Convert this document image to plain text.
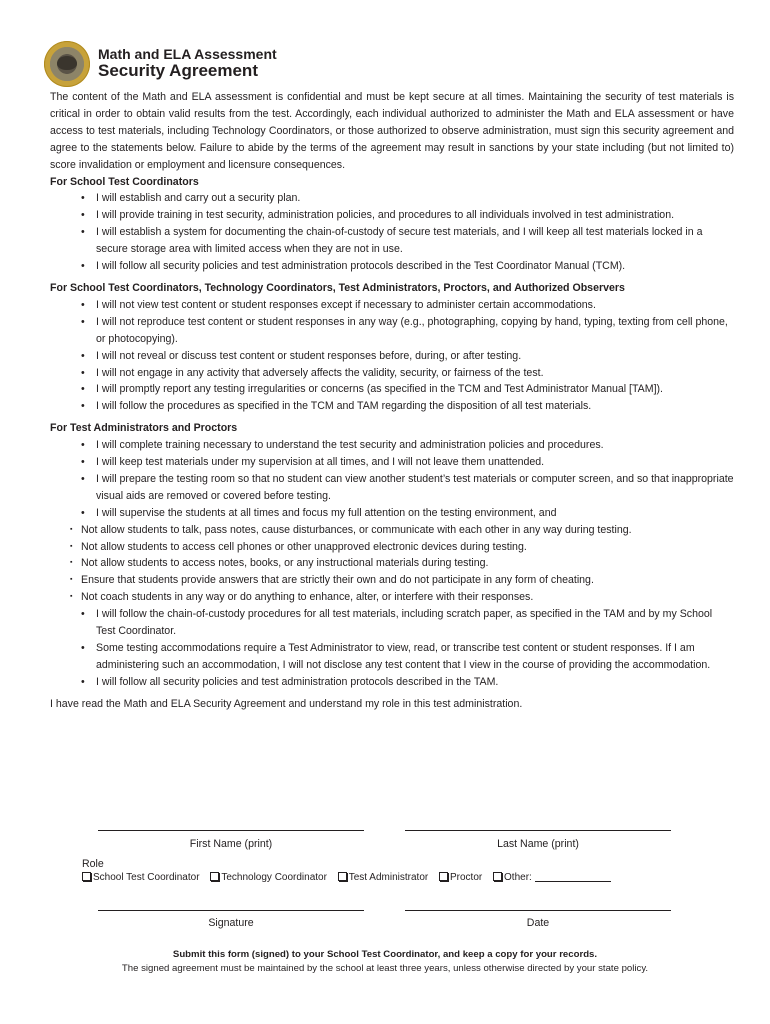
Math and ELA Assessment
Security Agreement

The content of the Math and ELA assessment is confidential and must be kept secure at all times. Maintaining the security of test materials is critical in order to obtain valid results from the test. Accordingly, each individual authorized to administer the Math and ELA assessment or have access to test materials, including Technology Coordinators, or those authorized to observe administration, must sign this security agreement and agree to the statements below. Failure to abide by the terms of the agreement may result in sanctions by your state including (but not limited to) score invalidation or employment and licensure consequences.

For School Test Coordinators

• I will establish and carry out a security plan.
• I will provide training in test security, administration policies, and procedures to all individuals involved in test administration.
• I will establish a system for documenting the chain-of-custody of secure test materials, and I will keep all test materials locked in a secure storage area with limited access when they are not in use.
• I will follow all security policies and test administration protocols described in the Test Coordinator Manual (TCM).

For School Test Coordinators, Technology Coordinators, Test Administrators, Proctors, and Authorized Observers

• I will not view test content or student responses except if necessary to administer certain accommodations.
• I will not reproduce test content or student responses in any way (e.g., photographing, copying by hand, typing, texting from cell phone, or photocopying).
• I will not reveal or discuss test content or student responses before, during, or after testing.
• I will not engage in any activity that adversely affects the validity, security, or fairness of the test.
• I will promptly report any testing irregularities or concerns (as specified in the TCM and Test Administrator Manual [TAM]).
• I will follow the procedures as specified in the TCM and TAM regarding the disposition of all test materials.

For Test Administrators and Proctors

• I will complete training necessary to understand the test security and administration policies and procedures.
• I will keep test materials under my supervision at all times, and I will not leave them unattended.
• I will prepare the testing room so that no student can view another student’s test materials or computer screen, and so that inappropriate visual aids are removed or covered before testing.
• I will supervise the students at all times and focus my full attention on the testing environment, and
▪ Not allow students to talk, pass notes, cause disturbances, or communicate with each other in any way during testing.
▪ Not allow students to access cell phones or other unapproved electronic devices during testing.
▪ Not allow students to access notes, books, or any instructional materials during testing.
▪ Ensure that students provide answers that are strictly their own and do not participate in any form of cheating.
▪ Not coach students in any way or do anything to enhance, alter, or interfere with their responses.
• I will follow the chain-of-custody procedures for all test materials, including scratch paper, as specified in the TAM and by my School Test Coordinator.
• Some testing accommodations require a Test Administrator to view, read, or transcribe test content or student responses. If I am administering such an accommodation, I will not disclose any test content that I view in the course of providing the accommodation.
• I will follow all security policies and test administration protocols described in the TAM.

I have read the Math and ELA Security Agreement and understand my role in this test administration.

First Name (print)	Last Name (print)
Role
School Test Coordinator Technology Coordinator Test Administrator Proctor Other:
Signature	Date
Submit this form (signed) to your School Test Coordinator, and keep a copy for your records.
The signed agreement must be maintained by the school at least three years, unless otherwise directed by your state policy.
